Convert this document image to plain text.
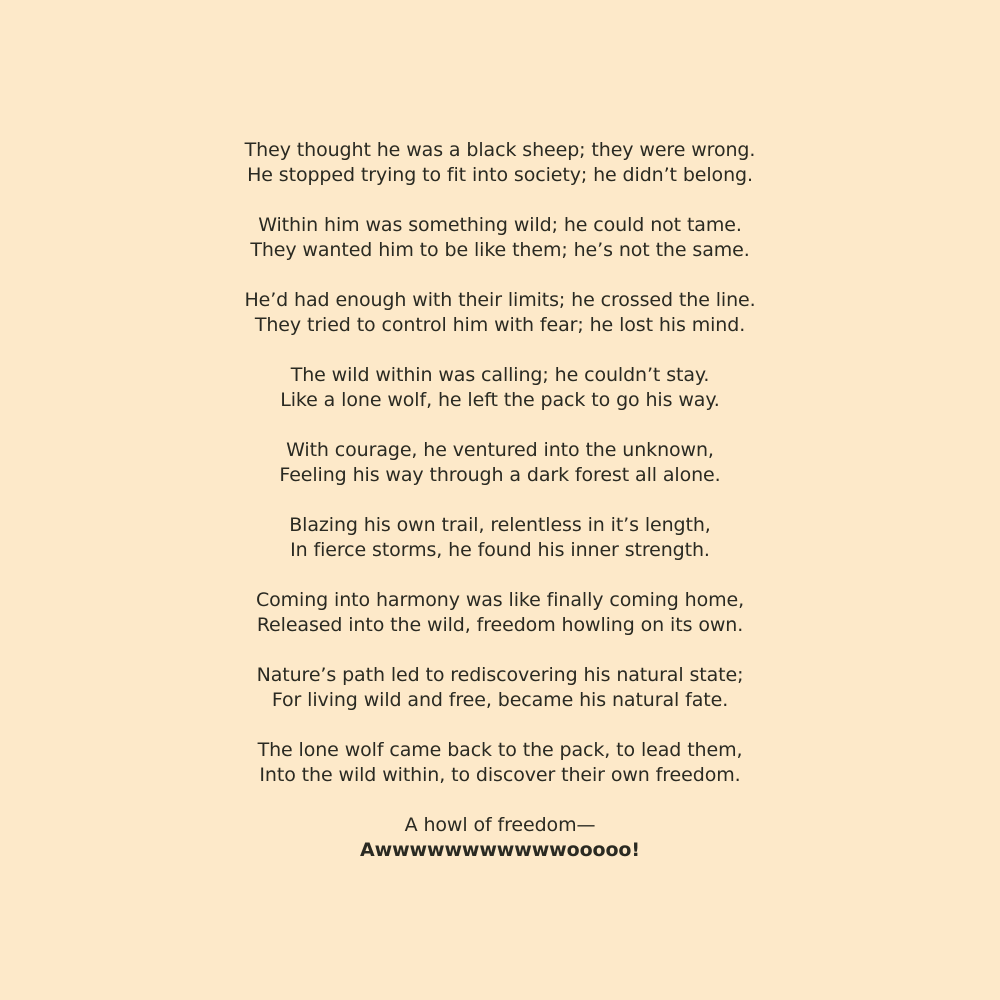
They thought he was a black sheep; they were wrong.
He stopped trying to fit into society; he didn’t belong.
Within him was something wild; he could not tame.
They wanted him to be like them; he’s not the same.
He’d had enough with their limits; he crossed the line.
They tried to control him with fear; he lost his mind.
The wild within was calling; he couldn’t stay.
Like a lone wolf, he left the pack to go his way.
With courage, he ventured into the unknown,
Feeling his way through a dark forest all alone.
Blazing his own trail, relentless in it’s length,
In fierce storms, he found his inner strength.
Coming into harmony was like finally coming home,
Released into the wild, freedom howling on its own.
Nature’s path led to rediscovering his natural state;
For living wild and free, became his natural fate.
The lone wolf came back to the pack, to lead them,
Into the wild within, to discover their own freedom.
A howl of freedom—
Awwwwwwwwwwwooooo!
